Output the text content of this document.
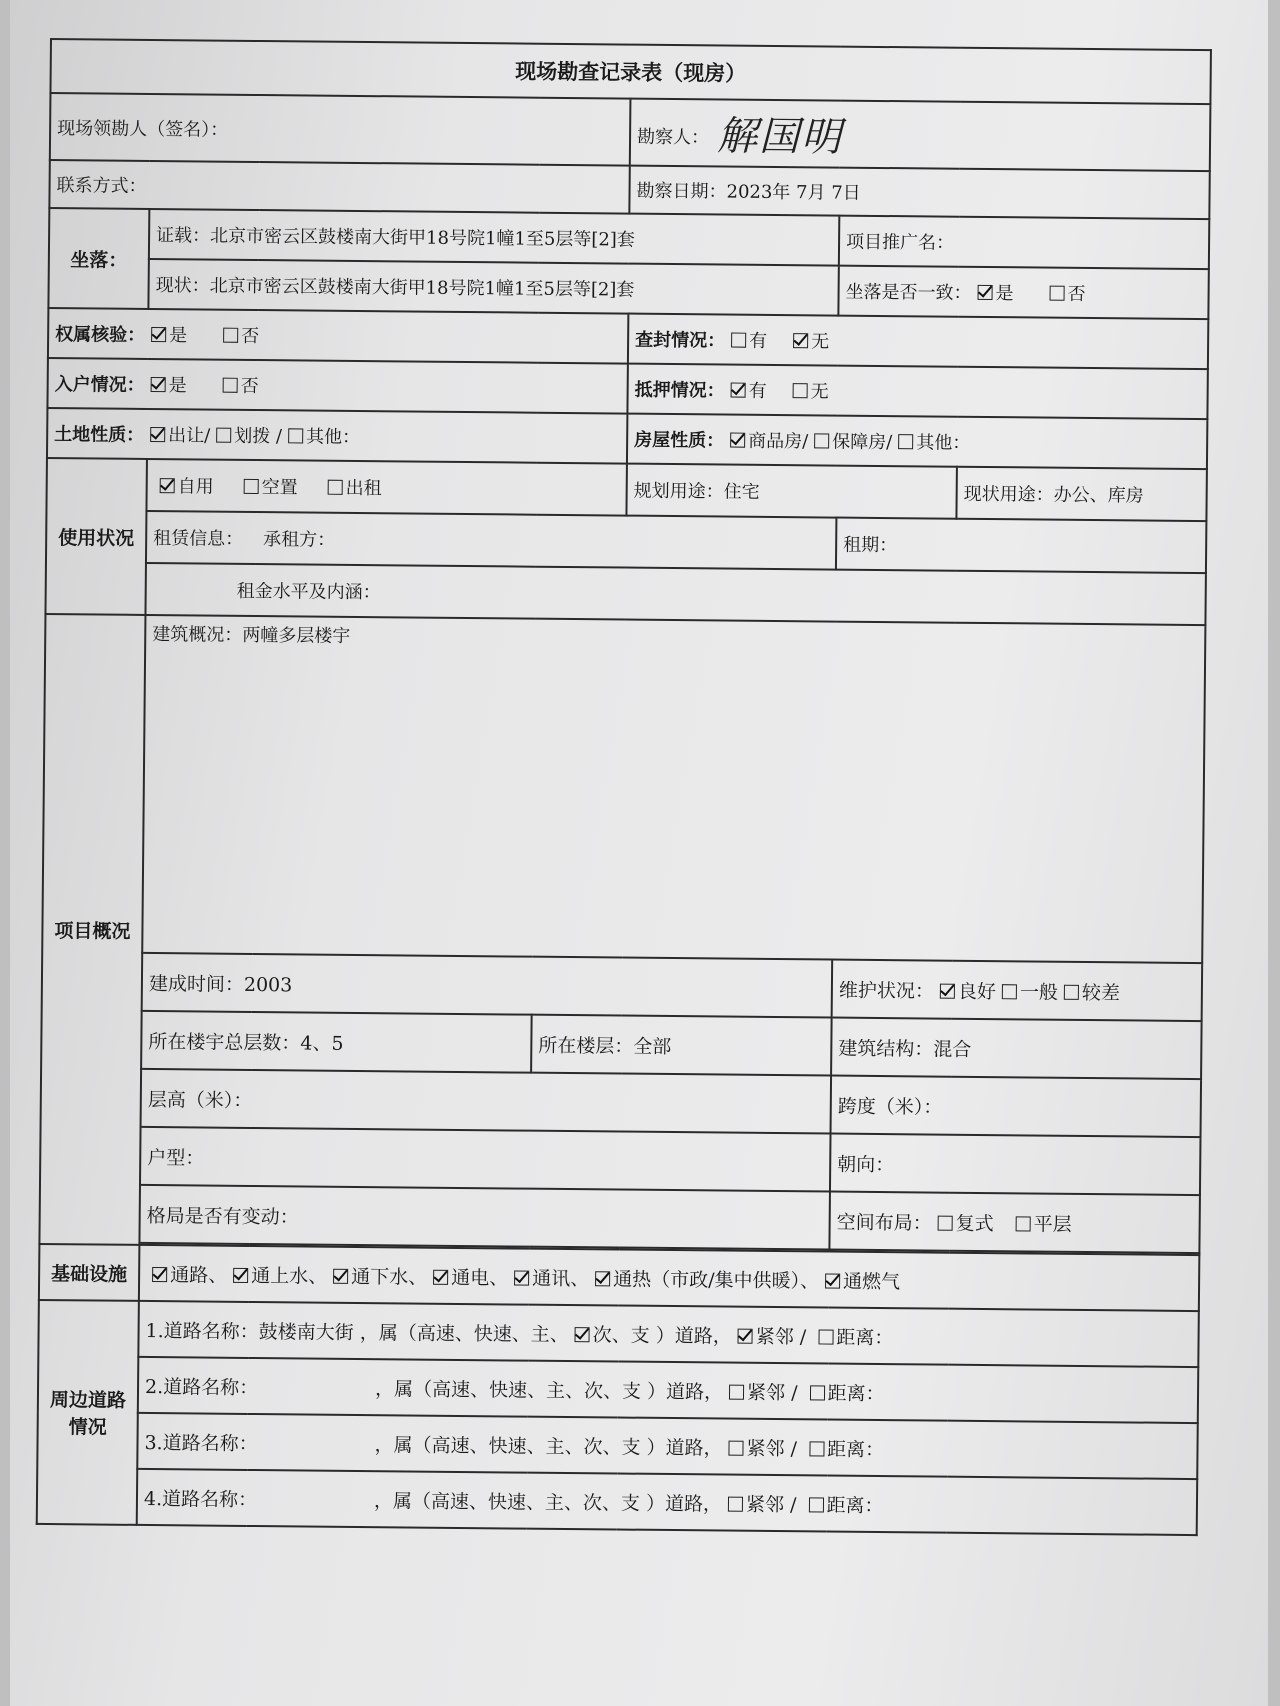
现场勘查记录表（现房）					
现场领勘人（签名）：			勘察人： 解国明		
联系方式：			勘察日期：2023年 7月 7日		
坐落：	证载：北京市密云区鼓楼南大街甲18号院1幢1至5层等[2]套			项目推广名：	
	现状：北京市密云区鼓楼南大街甲18号院1幢1至5层等[2]套			坐落是否一致： 是 否	
权属核验： 是 否			查封情况： 有 无		
入户情况： 是 否			抵押情况： 有 无		
土地性质： 出让/ 划拨 / 其他：			房屋性质： 商品房/ 保障房/ 其他：		
使用状况	自用 空置 出租		规划用途：住宅		现状用途：办公、库房
	租赁信息： 承租方：			租期：	
	租金水平及内涵：				
项目概况	建筑概况：两幢多层楼宇				
	建成时间：2003			维护状况： 良好 一般 较差	
	所在楼宇总层数：4、5	所在楼层：全部		建筑结构：混合	
	层高（米）：			跨度（米）：	
	户型：			朝向：	
	格局是否有变动：			空间布局： 复式 平层	

基础设施	通路、 通上水、 通下水、 通电、 通讯、 通热（市政/集中供暖）、 通燃气				
周边道路情况	1.道路名称：鼓楼南大街 ，属（高速、快速、主、 次、支 ）道路， 紧邻 / 距离：				
	2.道路名称： ，属（高速、快速、主、次、支 ）道路， 紧邻 / 距离：				
	3.道路名称： ，属（高速、快速、主、次、支 ）道路， 紧邻 / 距离：				
	4.道路名称： ，属（高速、快速、主、次、支 ）道路， 紧邻 / 距离：				
